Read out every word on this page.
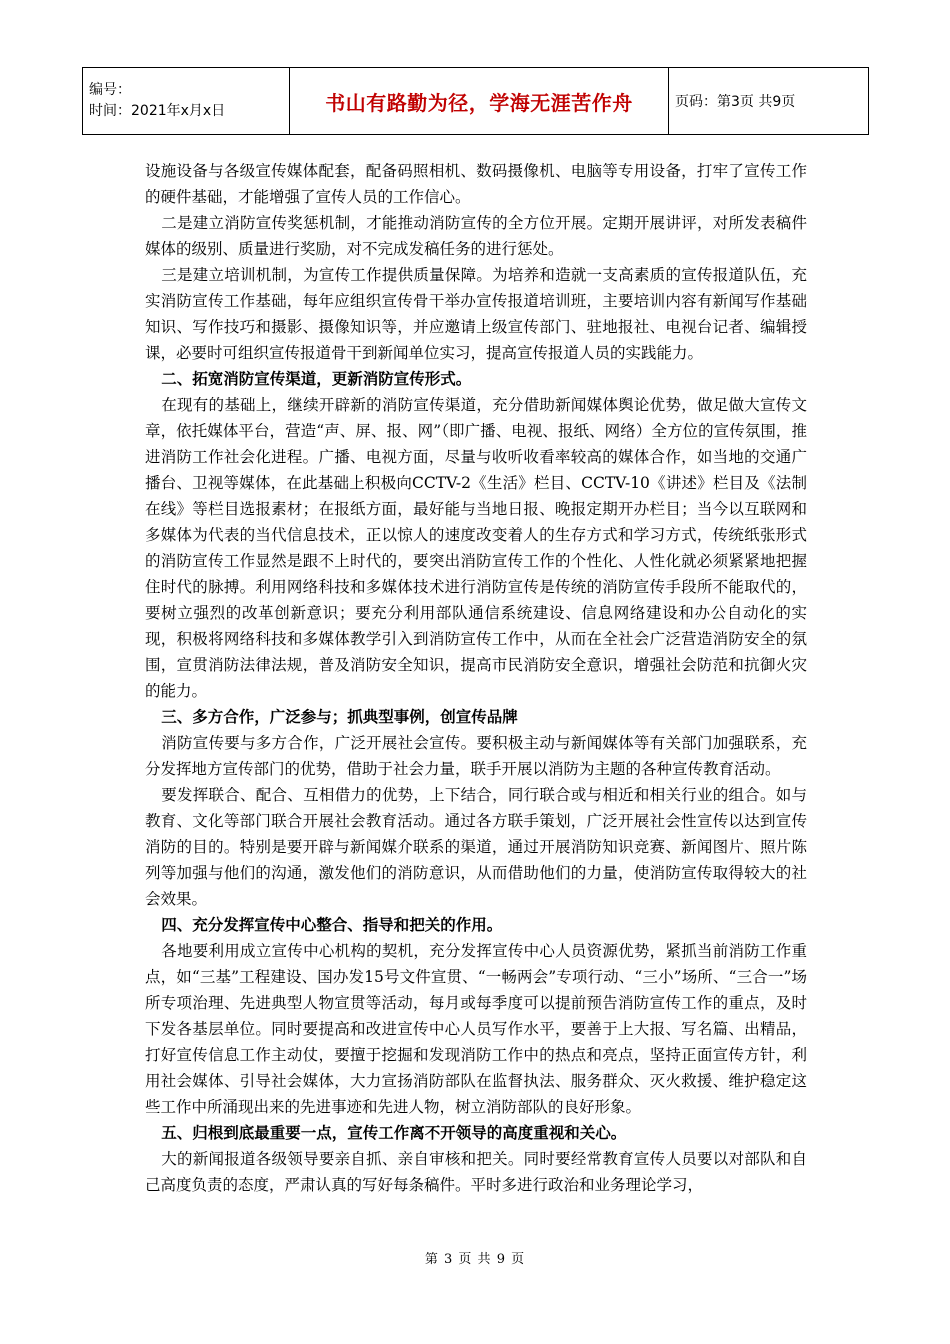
编号：
时间：2021年x月x日	书山有路勤为径，学海无涯苦作舟	页码：第3页 共9页

设施设备与各级宣传媒体配套，配备码照相机、数码摄像机、电脑等专用设备，打牢了宣传工作的硬件基础，才能增强了宣传人员的工作信心。

二是建立消防宣传奖惩机制，才能推动消防宣传的全方位开展。定期开展讲评，对所发表稿件媒体的级别、质量进行奖励，对不完成发稿任务的进行惩处。

三是建立培训机制，为宣传工作提供质量保障。为培养和造就一支高素质的宣传报道队伍，充实消防宣传工作基础，每年应组织宣传骨干举办宣传报道培训班，主要培训内容有新闻写作基础知识、写作技巧和摄影、摄像知识等，并应邀请上级宣传部门、驻地报社、电视台记者、编辑授课，必要时可组织宣传报道骨干到新闻单位实习，提高宣传报道人员的实践能力。

二、拓宽消防宣传渠道，更新消防宣传形式。

在现有的基础上，继续开辟新的消防宣传渠道，充分借助新闻媒体舆论优势，做足做大宣传文章，依托媒体平台，营造“声、屏、报、网”（即广播、电视、报纸、网络）全方位的宣传氛围，推进消防工作社会化进程。广播、电视方面，尽量与收听收看率较高的媒体合作，如当地的交通广播台、卫视等媒体，在此基础上积极向CCTV-2《生活》栏目、CCTV-10《讲述》栏目及《法制在线》等栏目选报素材；在报纸方面，最好能与当地日报、晚报定期开办栏目；当今以互联网和多媒体为代表的当代信息技术，正以惊人的速度改变着人的生存方式和学习方式，传统纸张形式的消防宣传工作显然是跟不上时代的，要突出消防宣传工作的个性化、人性化就必须紧紧地把握住时代的脉搏。利用网络科技和多媒体技术进行消防宣传是传统的消防宣传手段所不能取代的，要树立强烈的改革创新意识；要充分利用部队通信系统建设、信息网络建设和办公自动化的实现，积极将网络科技和多媒体教学引入到消防宣传工作中，从而在全社会广泛营造消防安全的氛围，宣贯消防法律法规，普及消防安全知识，提高市民消防安全意识，增强社会防范和抗御火灾的能力。

三、多方合作，广泛参与；抓典型事例，创宣传品牌

消防宣传要与多方合作，广泛开展社会宣传。要积极主动与新闻媒体等有关部门加强联系，充分发挥地方宣传部门的优势，借助于社会力量，联手开展以消防为主题的各种宣传教育活动。

要发挥联合、配合、互相借力的优势，上下结合，同行联合或与相近和相关行业的组合。如与教育、文化等部门联合开展社会教育活动。通过各方联手策划，广泛开展社会性宣传以达到宣传消防的目的。特别是要开辟与新闻媒介联系的渠道，通过开展消防知识竞赛、新闻图片、照片陈列等加强与他们的沟通，激发他们的消防意识，从而借助他们的力量，使消防宣传取得较大的社会效果。

四、充分发挥宣传中心整合、指导和把关的作用。

各地要利用成立宣传中心机构的契机，充分发挥宣传中心人员资源优势，紧抓当前消防工作重点，如“三基”工程建设、国办发15号文件宣贯、“一畅两会”专项行动、“三小”场所、“三合一”场所专项治理、先进典型人物宣贯等活动，每月或每季度可以提前预告消防宣传工作的重点，及时下发各基层单位。同时要提高和改进宣传中心人员写作水平，要善于上大报、写名篇、出精品，打好宣传信息工作主动仗，要擅于挖掘和发现消防工作中的热点和亮点，坚持正面宣传方针，利用社会媒体、引导社会媒体，大力宣扬消防部队在监督执法、服务群众、灭火救援、维护稳定这些工作中所涌现出来的先进事迹和先进人物，树立消防部队的良好形象。

五、归根到底最重要一点，宣传工作离不开领导的高度重视和关心。

大的新闻报道各级领导要亲自抓、亲自审核和把关。同时要经常教育宣传人员要以对部队和自己高度负责的态度，严肃认真的写好每条稿件。平时多进行政治和业务理论学习，

第 3 页 共 9 页
